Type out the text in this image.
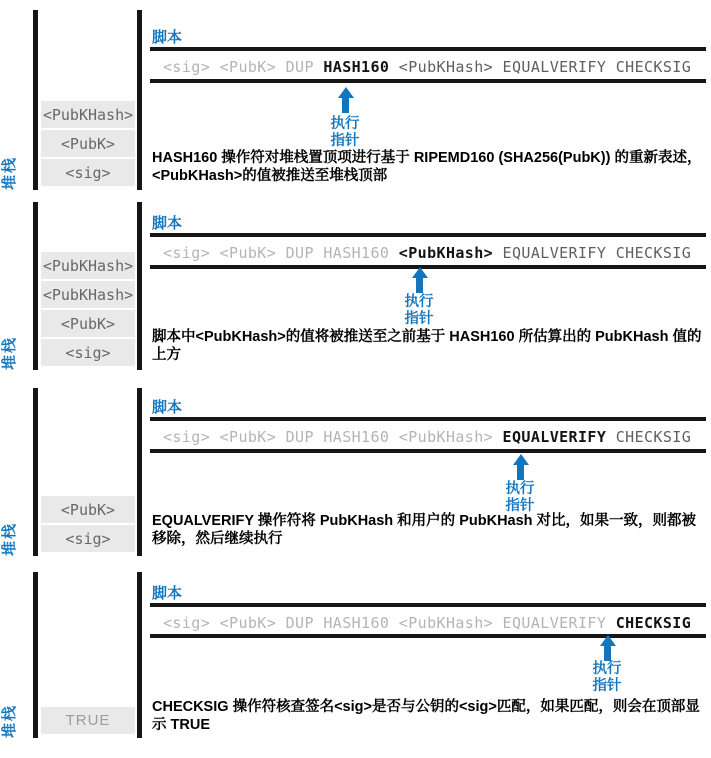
堆栈
<PubKHash>
<PubK>
<sig>
脚本
<sig> <PubK> DUP HASH160 <PubKHash> EQUALVERIFY CHECKSIG
执行
指针
HASH160 操作符对堆栈置顶项进行基于 RIPEMD160 (SHA256(PubK)) 的重新表述，<PubKHash>的值被推送至堆栈顶部
堆栈
<PubKHash>
<PubKHash>
<PubK>
<sig>
脚本
<sig> <PubK> DUP HASH160 <PubKHash> EQUALVERIFY CHECKSIG
执行
指针
脚本中<PubKHash>的值将被推送至之前基于 HASH160 所估算出的 PubKHash 值的上方
堆栈
<PubK>
<sig>
脚本
<sig> <PubK> DUP HASH160 <PubKHash> EQUALVERIFY CHECKSIG
执行
指针
EQUALVERIFY 操作符将 PubKHash 和用户的 PubKHash 对比，如果一致，则都被移除，然后继续执行
堆栈	TRUE
脚本
<sig> <PubK> DUP HASH160 <PubKHash> EQUALVERIFY CHECKSIG
执行
指针
CHECKSIG 操作符核查签名<sig>是否与公钥的<sig>匹配，如果匹配，则会在顶部显示 TRUE
